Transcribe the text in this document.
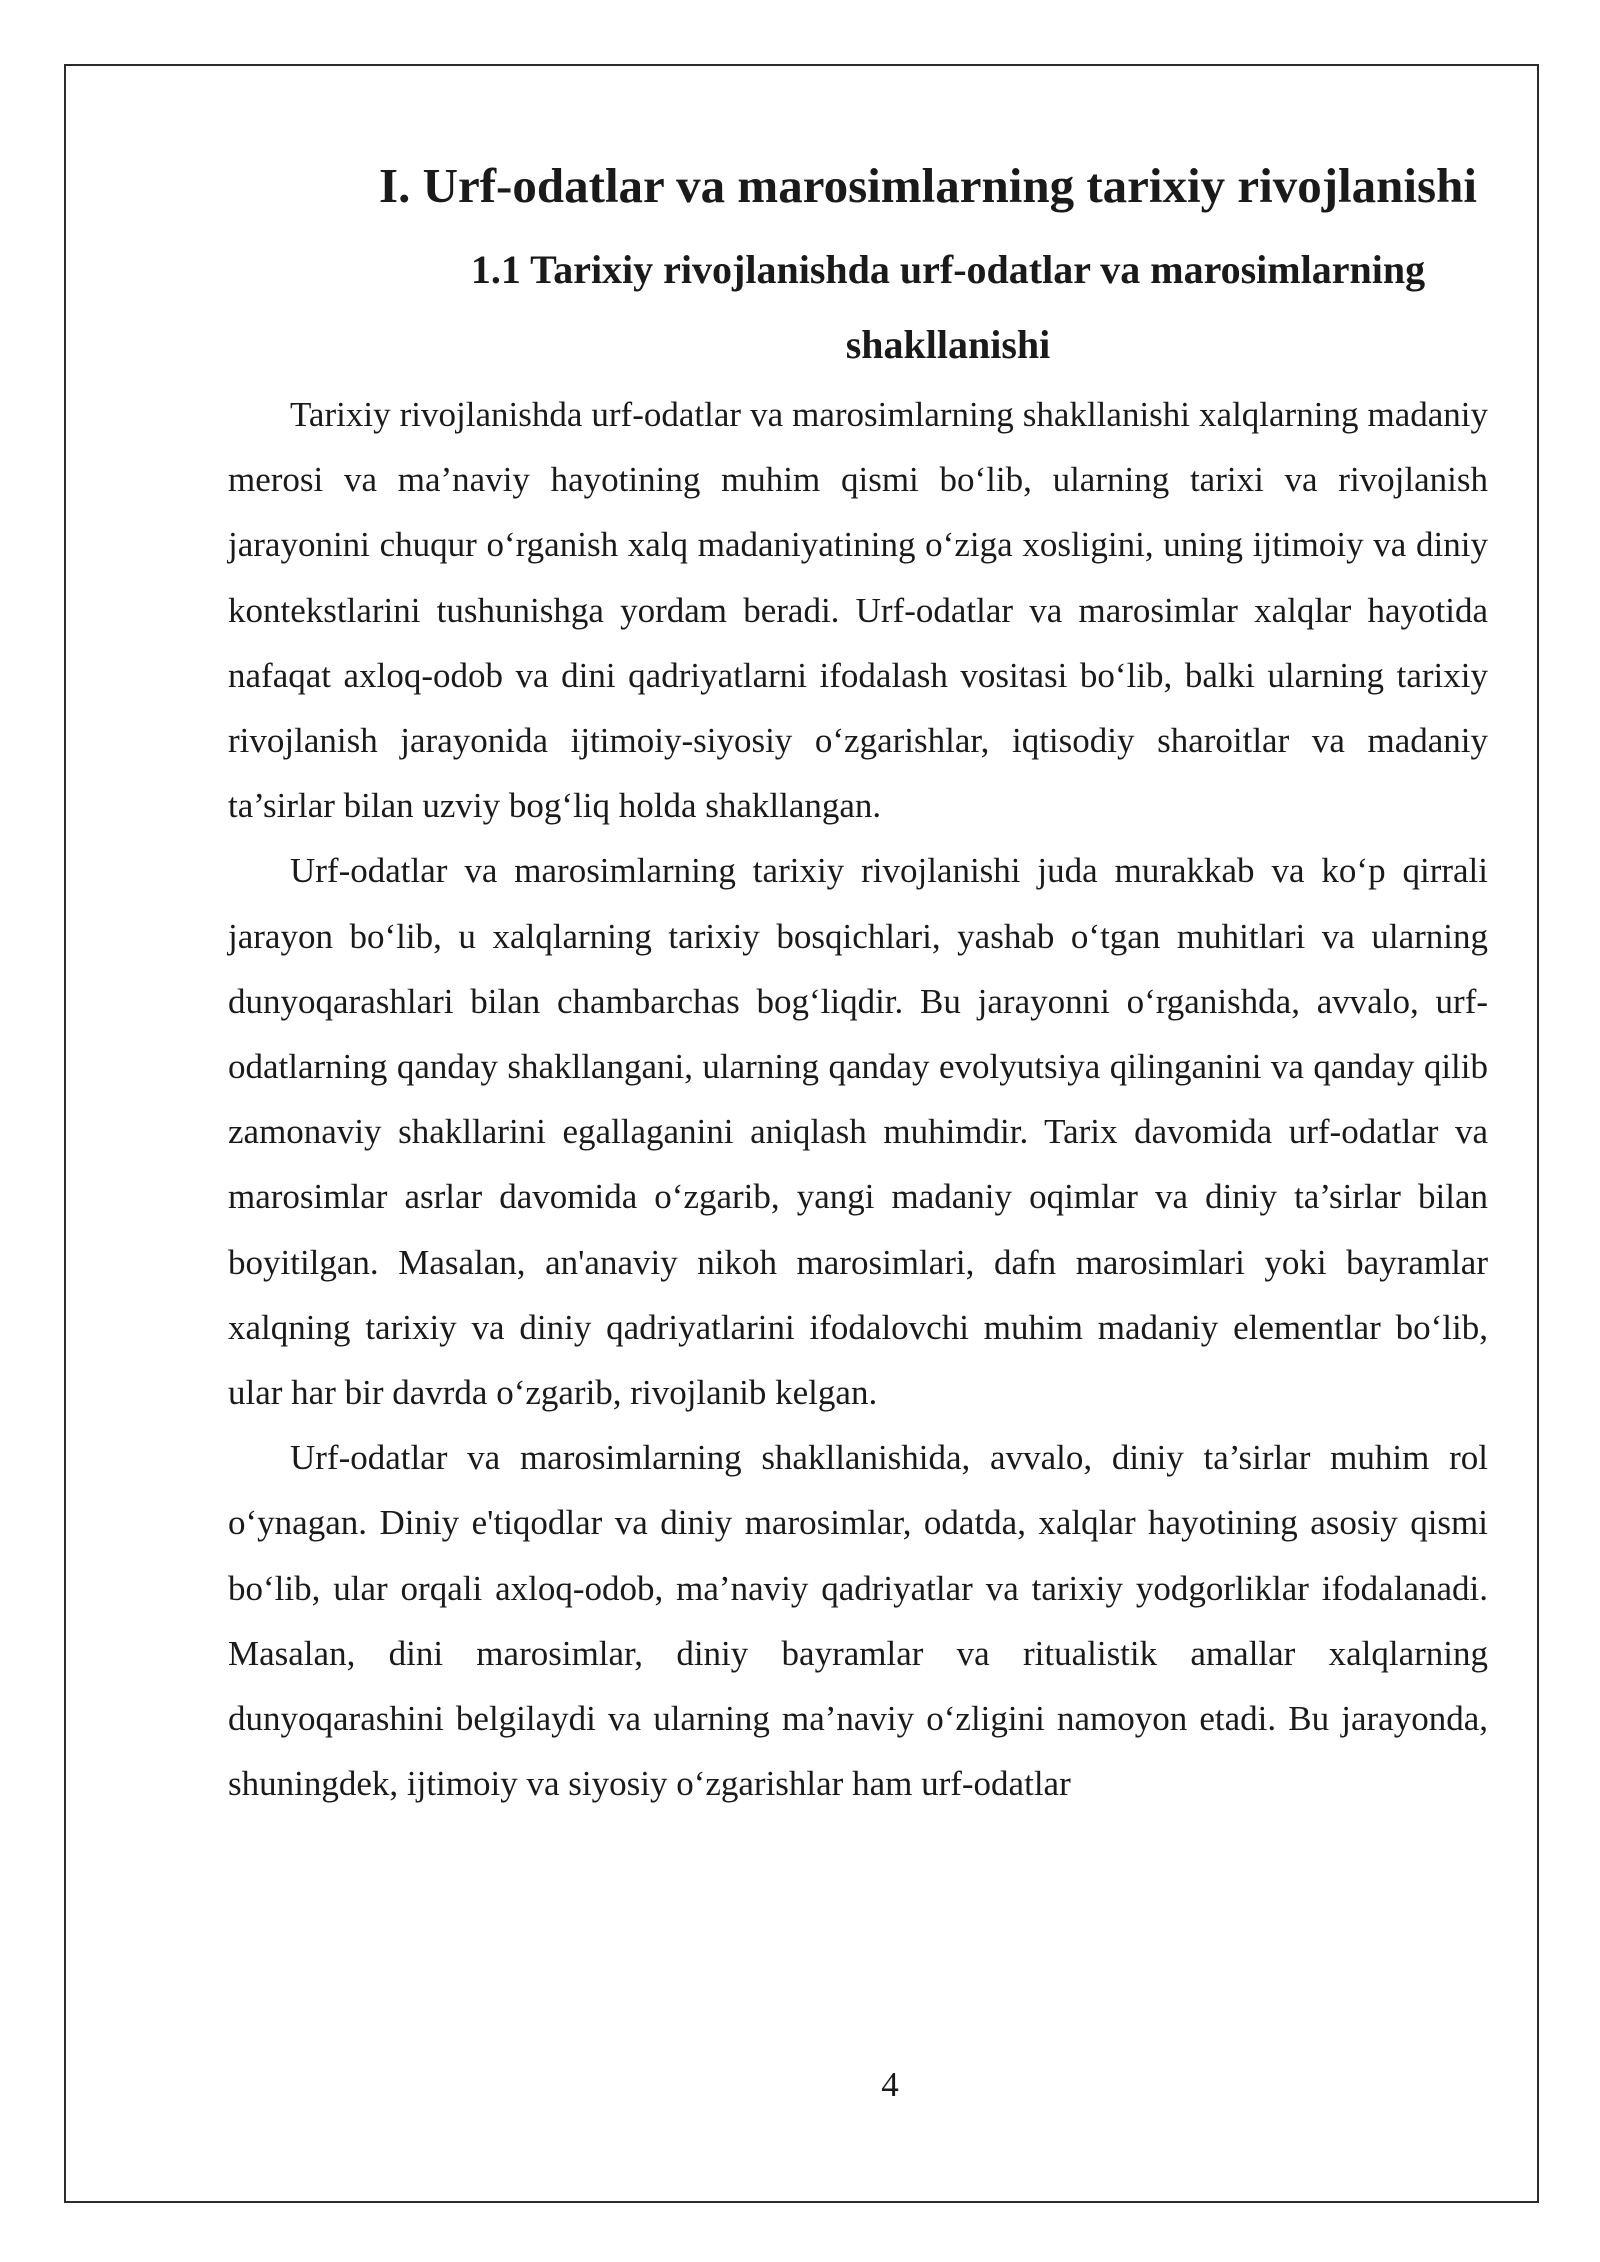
I. Urf-odatlar va marosimlarning tarixiy rivojlanishi
1.1 Tarixiy rivojlanishda urf-odatlar va marosimlarning shakllanishi

Tarixiy rivojlanishda urf-odatlar va marosimlarning shakllanishi xalqlarning madaniy merosi va ma’naviy hayotining muhim qismi bo‘lib, ularning tarixi va rivojlanish jarayonini chuqur o‘rganish xalq madaniyatining o‘ziga xosligini, uning ijtimoiy va diniy kontekstlarini tushunishga yordam beradi. Urf-odatlar va marosimlar xalqlar hayotida nafaqat axloq-odob va dini qadriyatlarni ifodalash vositasi bo‘lib, balki ularning tarixiy rivojlanish jarayonida ijtimoiy-siyosiy o‘zgarishlar, iqtisodiy sharoitlar va madaniy ta’sirlar bilan uzviy bog‘liq holda shakllangan.

Urf-odatlar va marosimlarning tarixiy rivojlanishi juda murakkab va ko‘p qirrali jarayon bo‘lib, u xalqlarning tarixiy bosqichlari, yashab o‘tgan muhitlari va ularning dunyoqarashlari bilan chambarchas bog‘liqdir. Bu jarayonni o‘rganishda, avvalo, urf-odatlarning qanday shakllangani, ularning qanday evolyutsiya qilinganini va qanday qilib zamonaviy shakllarini egallaganini aniqlash muhimdir. Tarix davomida urf-odatlar va marosimlar asrlar davomida o‘zgarib, yangi madaniy oqimlar va diniy ta’sirlar bilan boyitilgan. Masalan, an'anaviy nikoh marosimlari, dafn marosimlari yoki bayramlar xalqning tarixiy va diniy qadriyatlarini ifodalovchi muhim madaniy elementlar bo‘lib, ular har bir davrda o‘zgarib, rivojlanib kelgan.

Urf-odatlar va marosimlarning shakllanishida, avvalo, diniy ta’sirlar muhim rol o‘ynagan. Diniy e'tiqodlar va diniy marosimlar, odatda, xalqlar hayotining asosiy qismi bo‘lib, ular orqali axloq-odob, ma’naviy qadriyatlar va tarixiy yodgorliklar ifodalanadi. Masalan, dini marosimlar, diniy bayramlar va ritualistik amallar xalqlarning dunyoqarashini belgilaydi va ularning ma’naviy o‘zligini namoyon etadi. Bu jarayonda, shuningdek, ijtimoiy va siyosiy o‘zgarishlar ham urf-odatlar

4
